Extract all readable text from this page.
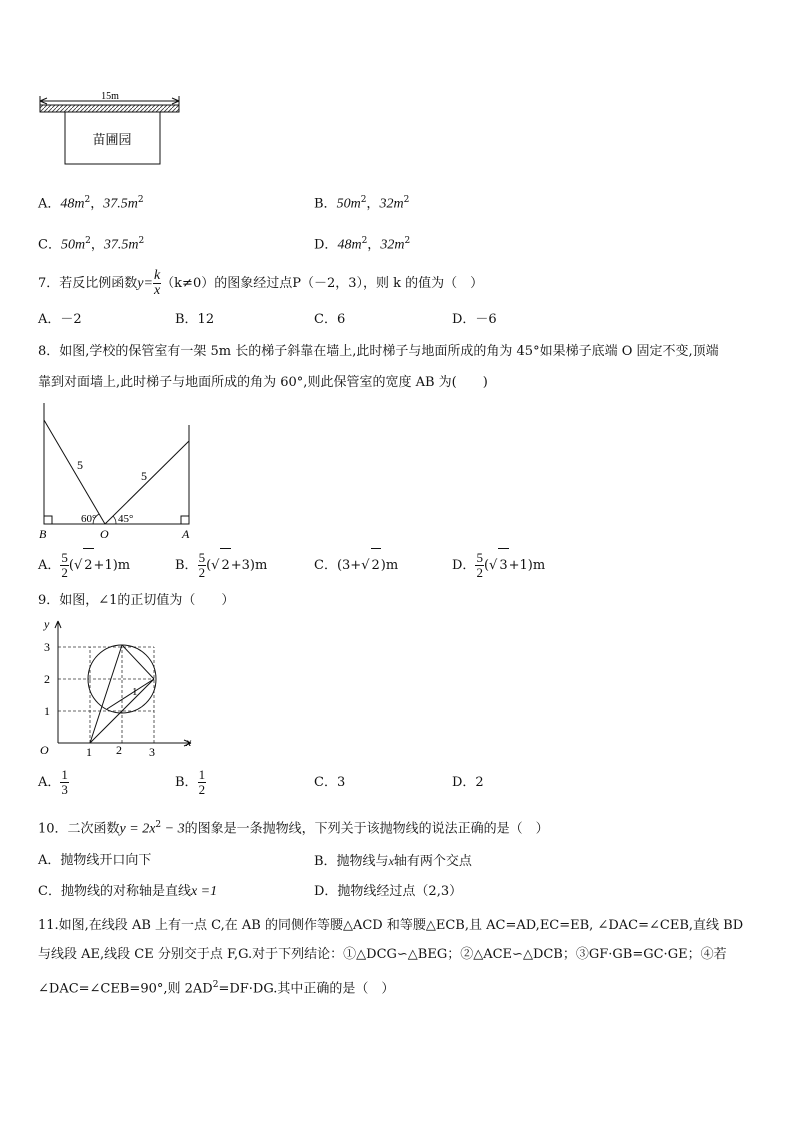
15m
苗圃园
A．$48m^2$，$37.5m^2$	B．$50m^2$，$32m^2$
C．$50m^2$，$37.5m^2$	D．$48m^2$，$32m^2$
7．若反比例函数$y= \frac{k}{x} (k\ne 0)$的图象经过点P（－2，3），则 k 的值为（　）
A．－2	B．12	C．6	D．－6
8．如图,学校的保管室有一架 5m 长的梯子斜靠在墙上,此时梯子与地面所成的角为 45°如果梯子底端 O 固定不变,顶端
靠到对面墙上,此时梯子与地面所成的角为 60°,则此保管室的宽度 AB 为(　　)
5
5
60° 45°
B	O	A
A． $\frac{5}{2}$ (√ 2+1)m	B． $\frac{5}{2}$ (√ 2+3)m	C．(3+√ 2)m	D． $\frac{5}{2}$ (√ 3+1)m
9．如图，∠1的正切值为（　　）
y
x
O	1 2 3
1
2
3
1
A． $\frac{1}{3}$	B． $\frac{1}{2}$	C．3	D．2
10．二次函数$y = 2x^2 - 3$的图象是一条抛物线，下列关于该抛物线的说法正确的是（　）
A．抛物线开口向下	B．抛物线与x轴有两个交点
C．抛物线的对称轴是直线x =1	D．抛物线经过点（2,3）
11.如图,在线段 AB 上有一点 C,在 AB 的同侧作等腰△ACD 和等腰△ECB,且 AC=AD,EC=EB, ∠DAC=∠CEB,直线 BD
与线段 AE,线段 CE 分别交于点 F,G.对于下列结论：①△DCG∽△BEG；②△ACE∽△DCB；③GF·GB=GC·GE；④若
∠DAC=∠CEB=90°,则 $2AD^2=DF\cdot DG$.其中正确的是（　）
